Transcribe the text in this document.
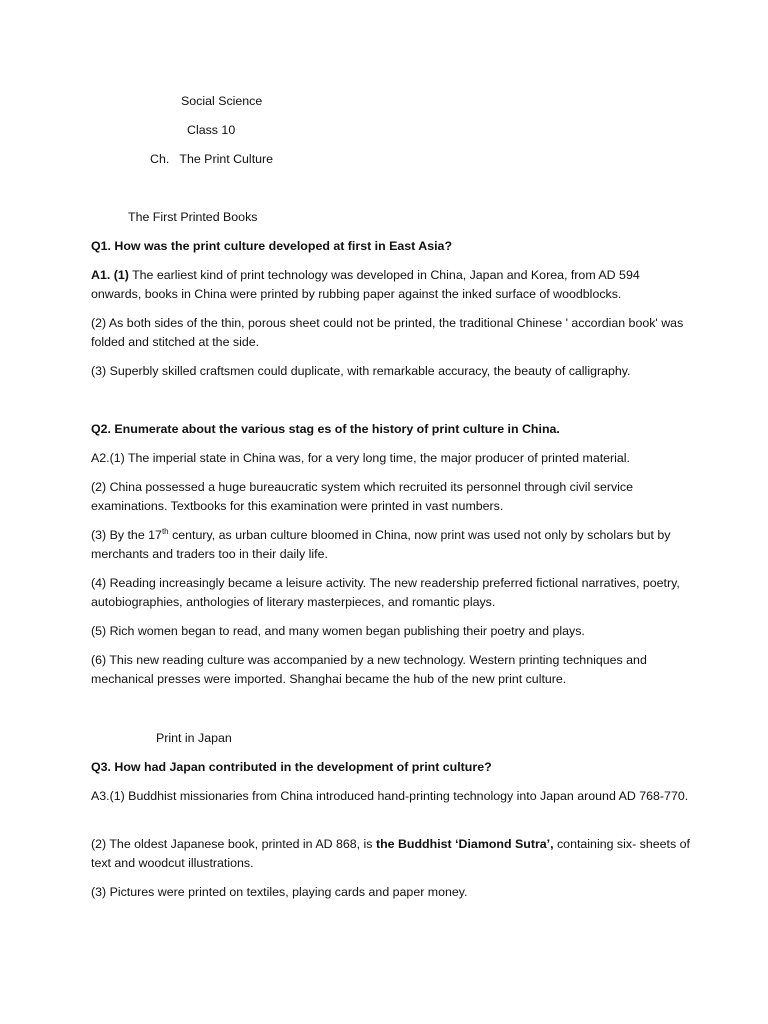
Social Science

Class 10

Ch.   The Print Culture

The First Printed Books

Q1. How was the print culture developed at first in East Asia?

A1. (1) The earliest kind of print technology was developed in China, Japan and Korea, from AD 594 onwards, books in China were printed by rubbing paper against the inked surface of woodblocks.

(2) As both sides of the thin, porous sheet could not be printed, the traditional Chinese ' accordian book' was folded and stitched at the side.

(3) Superbly skilled craftsmen could duplicate, with remarkable accuracy, the beauty of calligraphy.

Q2. Enumerate about the various stag es of the history of print culture in China.

A2.(1) The imperial state in China was, for a very long time, the major producer of printed material.

(2) China possessed a huge bureaucratic system which recruited its personnel through civil service examinations. Textbooks for this examination were printed in vast numbers.

(3) By the 17th century, as urban culture bloomed in China, now print was used not only by scholars but by merchants and traders too in their daily life.

(4) Reading increasingly became a leisure activity. The new readership preferred fictional narratives, poetry, autobiographies, anthologies of literary masterpieces, and romantic plays.

(5) Rich women began to read, and many women began publishing their poetry and plays.

(6) This new reading culture was accompanied by a new technology. Western printing techniques and mechanical presses were imported. Shanghai became the hub of the new print culture.

Print in Japan

Q3. How had Japan contributed in the development of print culture?

A3.(1) Buddhist missionaries from China introduced hand-printing technology into Japan around AD 768-770.

(2) The oldest Japanese book, printed in AD 868, is the Buddhist ‘Diamond Sutra’, containing six- sheets of text and woodcut illustrations.

(3) Pictures were printed on textiles, playing cards and paper money.
